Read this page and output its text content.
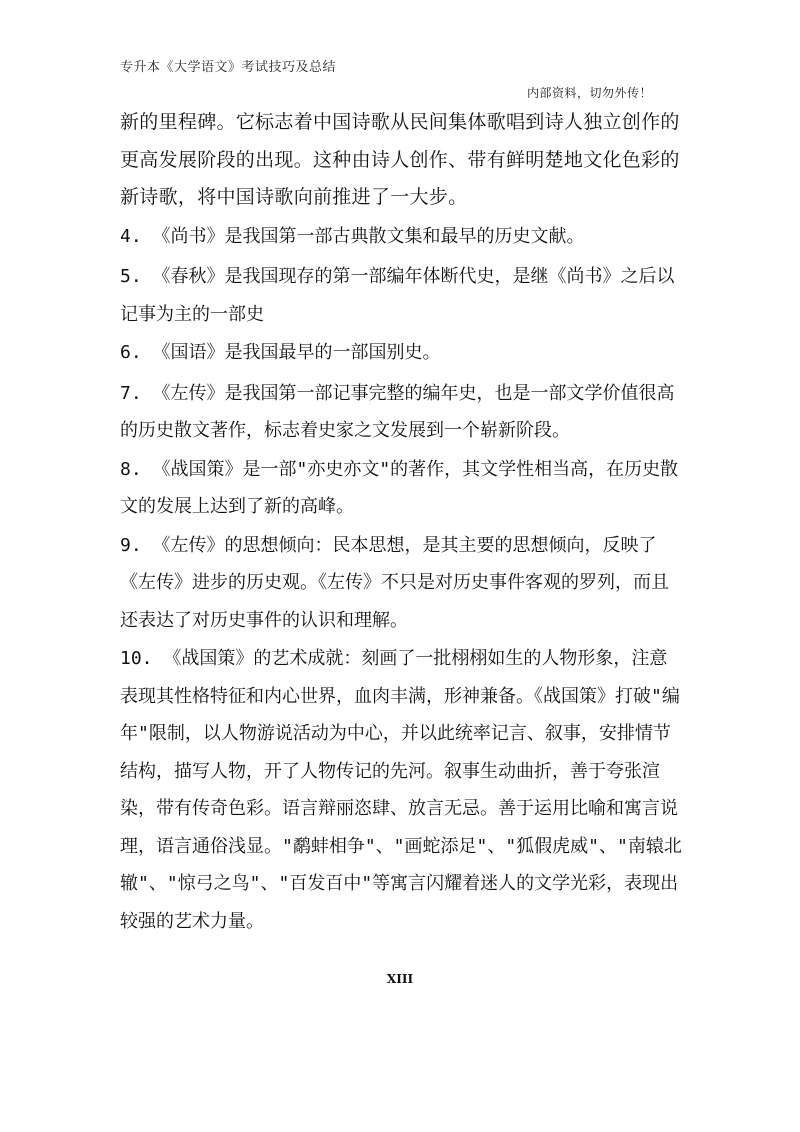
专升本《大学语文》考试技巧及总结
内部资料，切勿外传！

新的里程碑。它标志着中国诗歌从民间集体歌唱到诗人独立创作的更高发展阶段的出现。这种由诗人创作、带有鲜明楚地文化色彩的新诗歌，将中国诗歌向前推进了一大步。

4. 《尚书》是我国第一部古典散文集和最早的历史文献。

5. 《春秋》是我国现存的第一部编年体断代史，是继《尚书》之后以记事为主的一部史

6. 《国语》是我国最早的一部国别史。

7. 《左传》是我国第一部记事完整的编年史，也是一部文学价值很高的历史散文著作，标志着史家之文发展到一个崭新阶段。

8. 《战国策》是一部"亦史亦文"的著作，其文学性相当高，在历史散文的发展上达到了新的高峰。

9. 《左传》的思想倾向：民本思想，是其主要的思想倾向，反映了《左传》进步的历史观。《左传》不只是对历史事件客观的罗列，而且还表达了对历史事件的认识和理解。

10. 《战国策》的艺术成就：刻画了一批栩栩如生的人物形象，注意表现其性格特征和内心世界，血肉丰满，形神兼备。《战国策》打破"编年"限制，以人物游说活动为中心，并以此统率记言、叙事，安排情节结构，描写人物，开了人物传记的先河。叙事生动曲折，善于夸张渲染，带有传奇色彩。语言辩丽恣肆、放言无忌。善于运用比喻和寓言说理，语言通俗浅显。"鹬蚌相争"、"画蛇添足"、"狐假虎威"、"南辕北辙"、"惊弓之鸟"、"百发百中"等寓言闪耀着迷人的文学光彩，表现出较强的艺术力量。

XIII
